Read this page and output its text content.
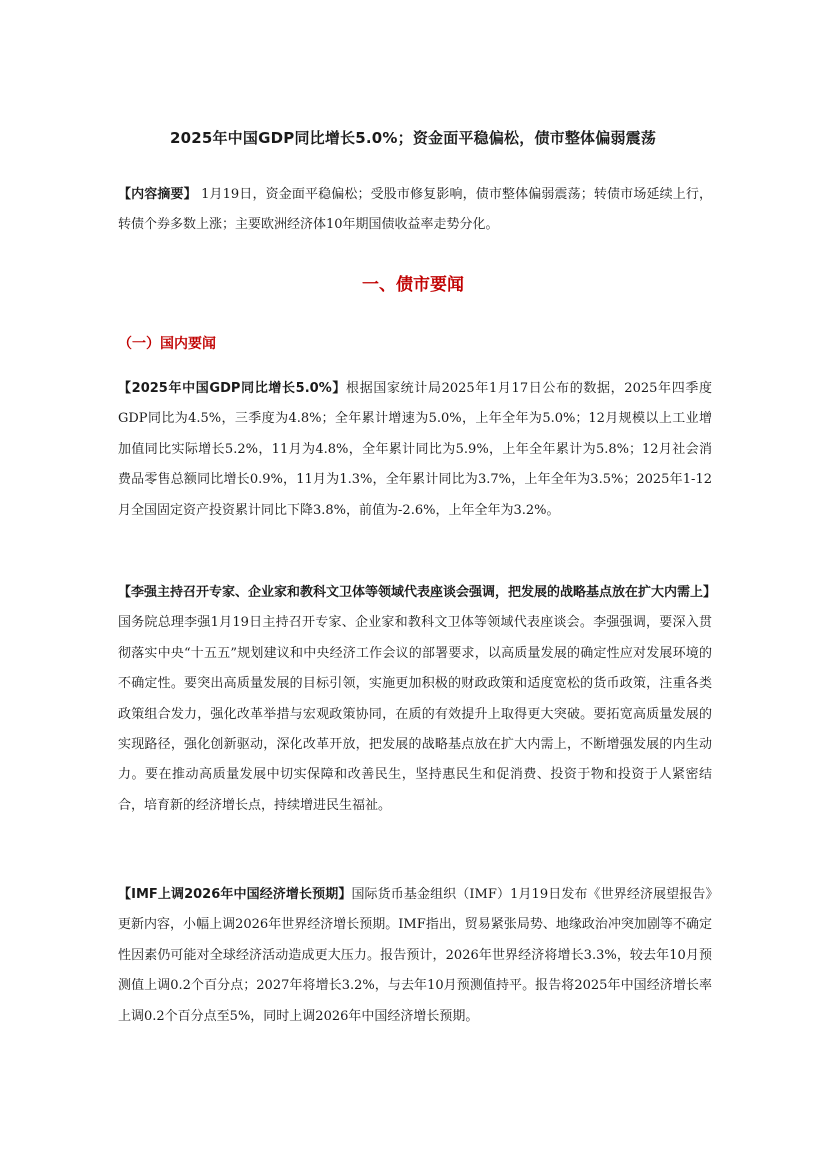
2025年中国GDP同比增长5.0%；资金面平稳偏松，债市整体偏弱震荡
【内容摘要】 1月19日，资金面平稳偏松；受股市修复影响，债市整体偏弱震荡；转债市场延续上行，转债个券多数上涨；主要欧洲经济体10年期国债收益率走势分化。
一、债市要闻
（一）国内要闻
【2025年中国GDP同比增长5.0%】根据国家统计局2025年1月17日公布的数据，2025年四季度GDP同比为4.5%，三季度为4.8%；全年累计增速为5.0%，上年全年为5.0%；12月规模以上工业增加值同比实际增长5.2%，11月为4.8%，全年累计同比为5.9%，上年全年累计为5.8%；12月社会消费品零售总额同比增长0.9%，11月为1.3%，全年累计同比为3.7%，上年全年为3.5%；2025年1-12月全国固定资产投资累计同比下降3.8%，前值为-2.6%，上年全年为3.2%。
【李强主持召开专家、企业家和教科文卫体等领域代表座谈会强调，把发展的战略基点放在扩大内需上】国务院总理李强1月19日主持召开专家、企业家和教科文卫体等领域代表座谈会。李强强调，要深入贯彻落实中央“十五五”规划建议和中央经济工作会议的部署要求，以高质量发展的确定性应对发展环境的不确定性。要突出高质量发展的目标引领，实施更加积极的财政政策和适度宽松的货币政策，注重各类政策组合发力，强化改革举措与宏观政策协同，在质的有效提升上取得更大突破。要拓宽高质量发展的实现路径，强化创新驱动，深化改革开放，把发展的战略基点放在扩大内需上，不断增强发展的内生动力。要在推动高质量发展中切实保障和改善民生，坚持惠民生和促消费、投资于物和投资于人紧密结合，培育新的经济增长点，持续增进民生福祉。
【IMF上调2026年中国经济增长预期】国际货币基金组织（IMF）1月19日发布《世界经济展望报告》更新内容，小幅上调2026年世界经济增长预期。IMF指出，贸易紧张局势、地缘政治冲突加剧等不确定性因素仍可能对全球经济活动造成更大压力。报告预计，2026年世界经济将增长3.3%，较去年10月预测值上调0.2个百分点；2027年将增长3.2%，与去年10月预测值持平。报告将2025年中国经济增长率上调0.2个百分点至5%，同时上调2026年中国经济增长预期。
